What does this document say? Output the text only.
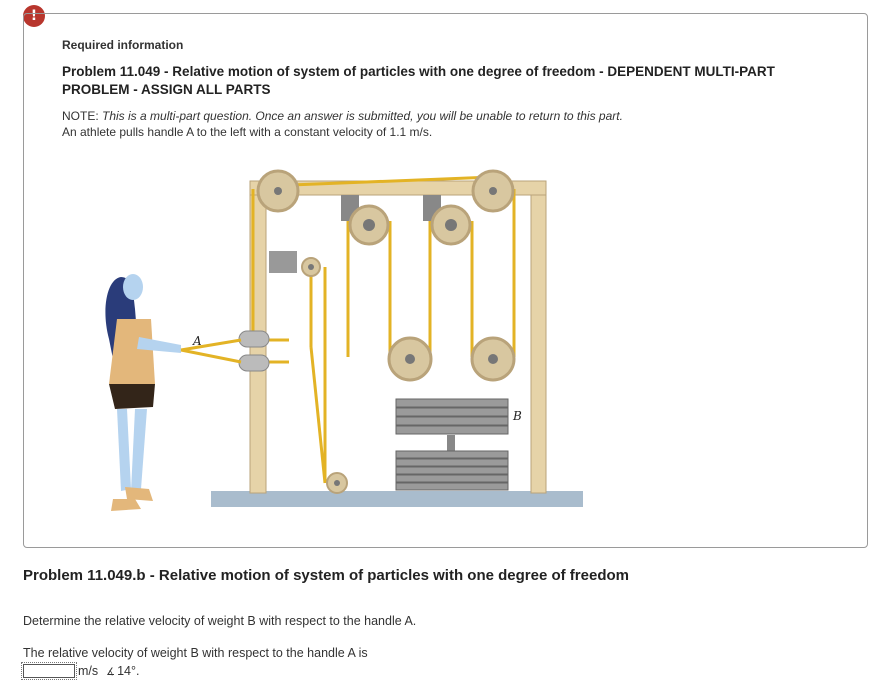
!
Required information
Problem 11.049 - Relative motion of system of particles with one degree of freedom - DEPENDENT MULTI-PART PROBLEM - ASSIGN ALL PARTS
NOTE: This is a multi-part question. Once an answer is submitted, you will be unable to return to this part.
An athlete pulls handle A to the left with a constant velocity of 1.1 m/s.
A
B
Problem 11.049.b - Relative motion of system of particles with one degree of freedom
Determine the relative velocity of weight B with respect to the handle A.
The relative velocity of weight B with respect to the handle A is
m/s ∡ 14°.
